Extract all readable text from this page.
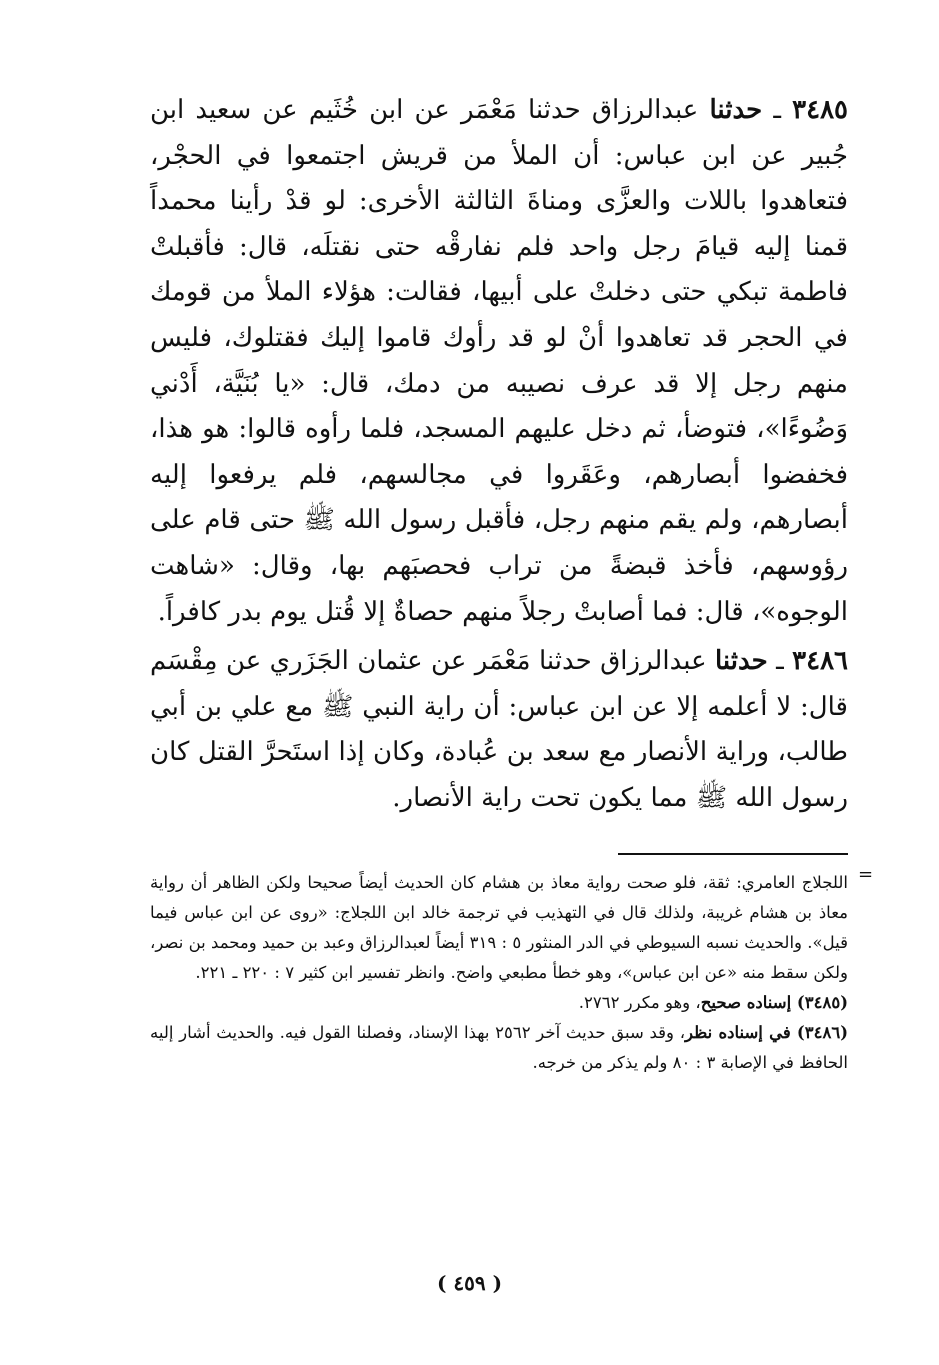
٣٤٨٥ ـ حدثنا عبدالرزاق حدثنا مَعْمَر عن ابن خُثَيم عن سعيد ابن جُبير عن ابن عباس: أن الملأ من قريش اجتمعوا في الحجْر، فتعاهدوا باللات والعزَّى ومناةَ الثالثة الأخرى: لو قدْ رأينا محمداً قمنا إليه قيامَ رجل واحد فلم نفارقْه حتى نقتلَه، قال: فأقبلتْ فاطمة تبكي حتى دخلتْ على أبيها، فقالت: هؤلاء الملأ من قومك في الحجر قد تعاهدوا أنْ لو قد رأوك قاموا إليك فقتلوك، فليس منهم رجل إلا قد عرف نصيبه من دمك، قال: «يا بُنَيَّة، أَدْني وَضُوءًا»، فتوضأ، ثم دخل عليهم المسجد، فلما رأوه قالوا: هو هذا، فخفضوا أبصارهم، وعَقَروا في مجالسهم، فلم يرفعوا إليه أبصارهم، ولم يقم منهم رجل، فأقبل رسول الله ﷺ حتى قام على رؤوسهم، فأخذ قبضةً من تراب فحصبَهم بها، وقال: «شاهت الوجوه»، قال: فما أصابتْ رجلاً منهم حصاةٌ إلا قُتل يوم بدر كافراً.

٣٤٨٦ ـ حدثنا عبدالرزاق حدثنا مَعْمَر عن عثمان الجَزَري عن مِقْسَم قال: لا أعلمه إلا عن ابن عباس: أن راية النبي ﷺ مع علي بن أبي طالب، وراية الأنصار مع سعد بن عُبادة، وكان إذا استَحرَّ القتل كان رسول الله ﷺ مما يكون تحت راية الأنصار.

=

اللجلاج العامري: ثقة، فلو صحت رواية معاذ بن هشام كان الحديث أيضاً صحيحا ولكن الظاهر أن رواية معاذ بن هشام غريبة، ولذلك قال في التهذيب في ترجمة خالد ابن اللجلاج: «روى عن ابن عباس فيما قيل». والحديث نسبه السيوطي في الدر المنثور ٥ : ٣١٩ أيضاً لعبدالرزاق وعبد بن حميد ومحمد بن نصر، ولكن سقط منه «عن ابن عباس»، وهو خطأ مطبعي واضح. وانظر تفسير ابن كثير ٧ : ٢٢٠ ـ ٢٢١.

(٣٤٨٥) إسناده صحيح، وهو مكرر ٢٧٦٢.

(٣٤٨٦) في إسناده نظر، وقد سبق حديث آخر ٢٥٦٢ بهذا الإسناد، وفصلنا القول فيه. والحديث أشار إليه الحافظ في الإصابة ٣ : ٨٠ ولم يذكر من خرجه.

( ٤٥٩ )
